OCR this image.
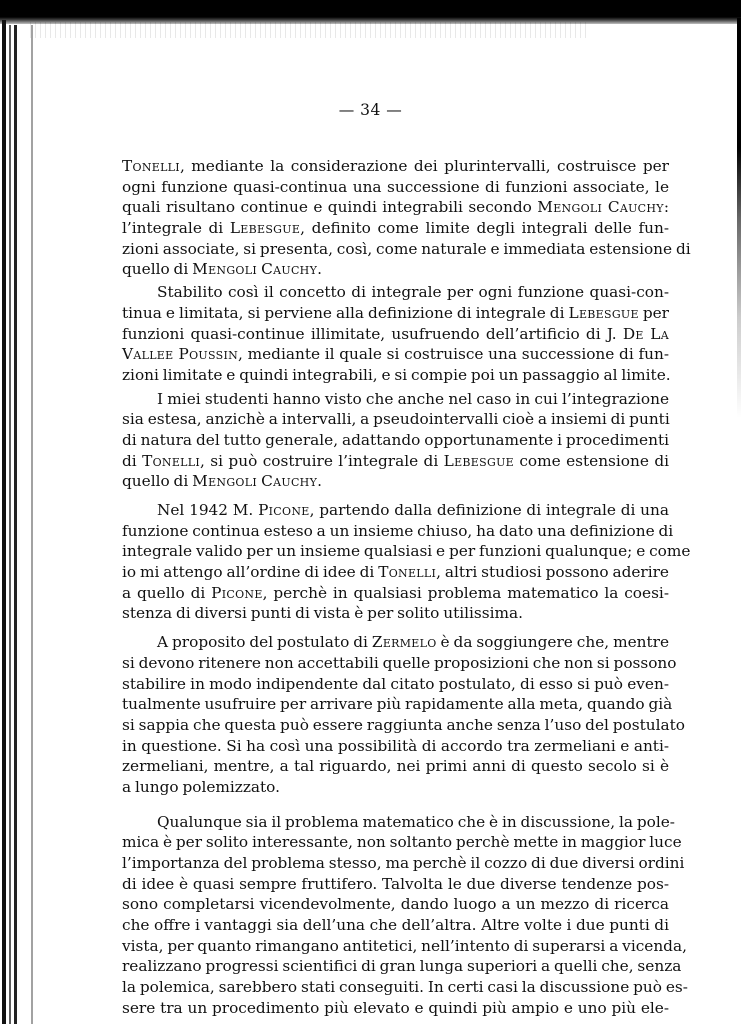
— 34 —
Tonelli, mediante la considerazione dei plurintervalli, costruisce per
ogni funzione quasi-continua una successione di funzioni associate, le
quali risultano continue e quindi integrabili secondo Mengoli Cauchy:
l’integrale di Lebesgue, definito come limite degli integrali delle fun-
zioni associate, si presenta, così, come naturale e immediata estensione di
quello di Mengoli Cauchy.
Stabilito così il concetto di integrale per ogni funzione quasi-con-
tinua e limitata, si perviene alla definizione di integrale di Lebesgue per
funzioni quasi-continue illimitate, usufruendo dell’artificio di J. De La
Vallee Poussin, mediante il quale si costruisce una successione di fun-
zioni limitate e quindi integrabili, e si compie poi un passaggio al limite.
I miei studenti hanno visto che anche nel caso in cui l’integrazione
sia estesa, anzichè a intervalli, a pseudointervalli cioè a insiemi di punti
di natura del tutto generale, adattando opportunamente i procedimenti
di Tonelli, si può costruire l’integrale di Lebesgue come estensione di
quello di Mengoli Cauchy.
Nel 1942 M. Picone, partendo dalla definizione di integrale di una
funzione continua esteso a un insieme chiuso, ha dato una definizione di
integrale valido per un insieme qualsiasi e per funzioni qualunque; e come
io mi attengo all’ordine di idee di Tonelli, altri studiosi possono aderire
a quello di Picone, perchè in qualsiasi problema matematico la coesi-
stenza di diversi punti di vista è per solito utilissima.
A proposito del postulato di Zermelo è da soggiungere che, mentre
si devono ritenere non accettabili quelle proposizioni che non si possono
stabilire in modo indipendente dal citato postulato, di esso si può even-
tualmente usufruire per arrivare più rapidamente alla meta, quando già
si sappia che questa può essere raggiunta anche senza l’uso del postulato
in questione. Si ha così una possibilità di accordo tra zermeliani e anti-
zermeliani, mentre, a tal riguardo, nei primi anni di questo secolo si è
a lungo polemizzato.
Qualunque sia il problema matematico che è in discussione, la pole-
mica è per solito interessante, non soltanto perchè mette in maggior luce
l’importanza del problema stesso, ma perchè il cozzo di due diversi ordini
di idee è quasi sempre fruttifero. Talvolta le due diverse tendenze pos-
sono completarsi vicendevolmente, dando luogo a un mezzo di ricerca
che offre i vantaggi sia dell’una che dell’altra. Altre volte i due punti di
vista, per quanto rimangano antitetici, nell’intento di superarsi a vicenda,
realizzano progressi scientifici di gran lunga superiori a quelli che, senza
la polemica, sarebbero stati conseguiti. In certi casi la discussione può es-
sere tra un procedimento più elevato e quindi più ampio e uno più ele-
